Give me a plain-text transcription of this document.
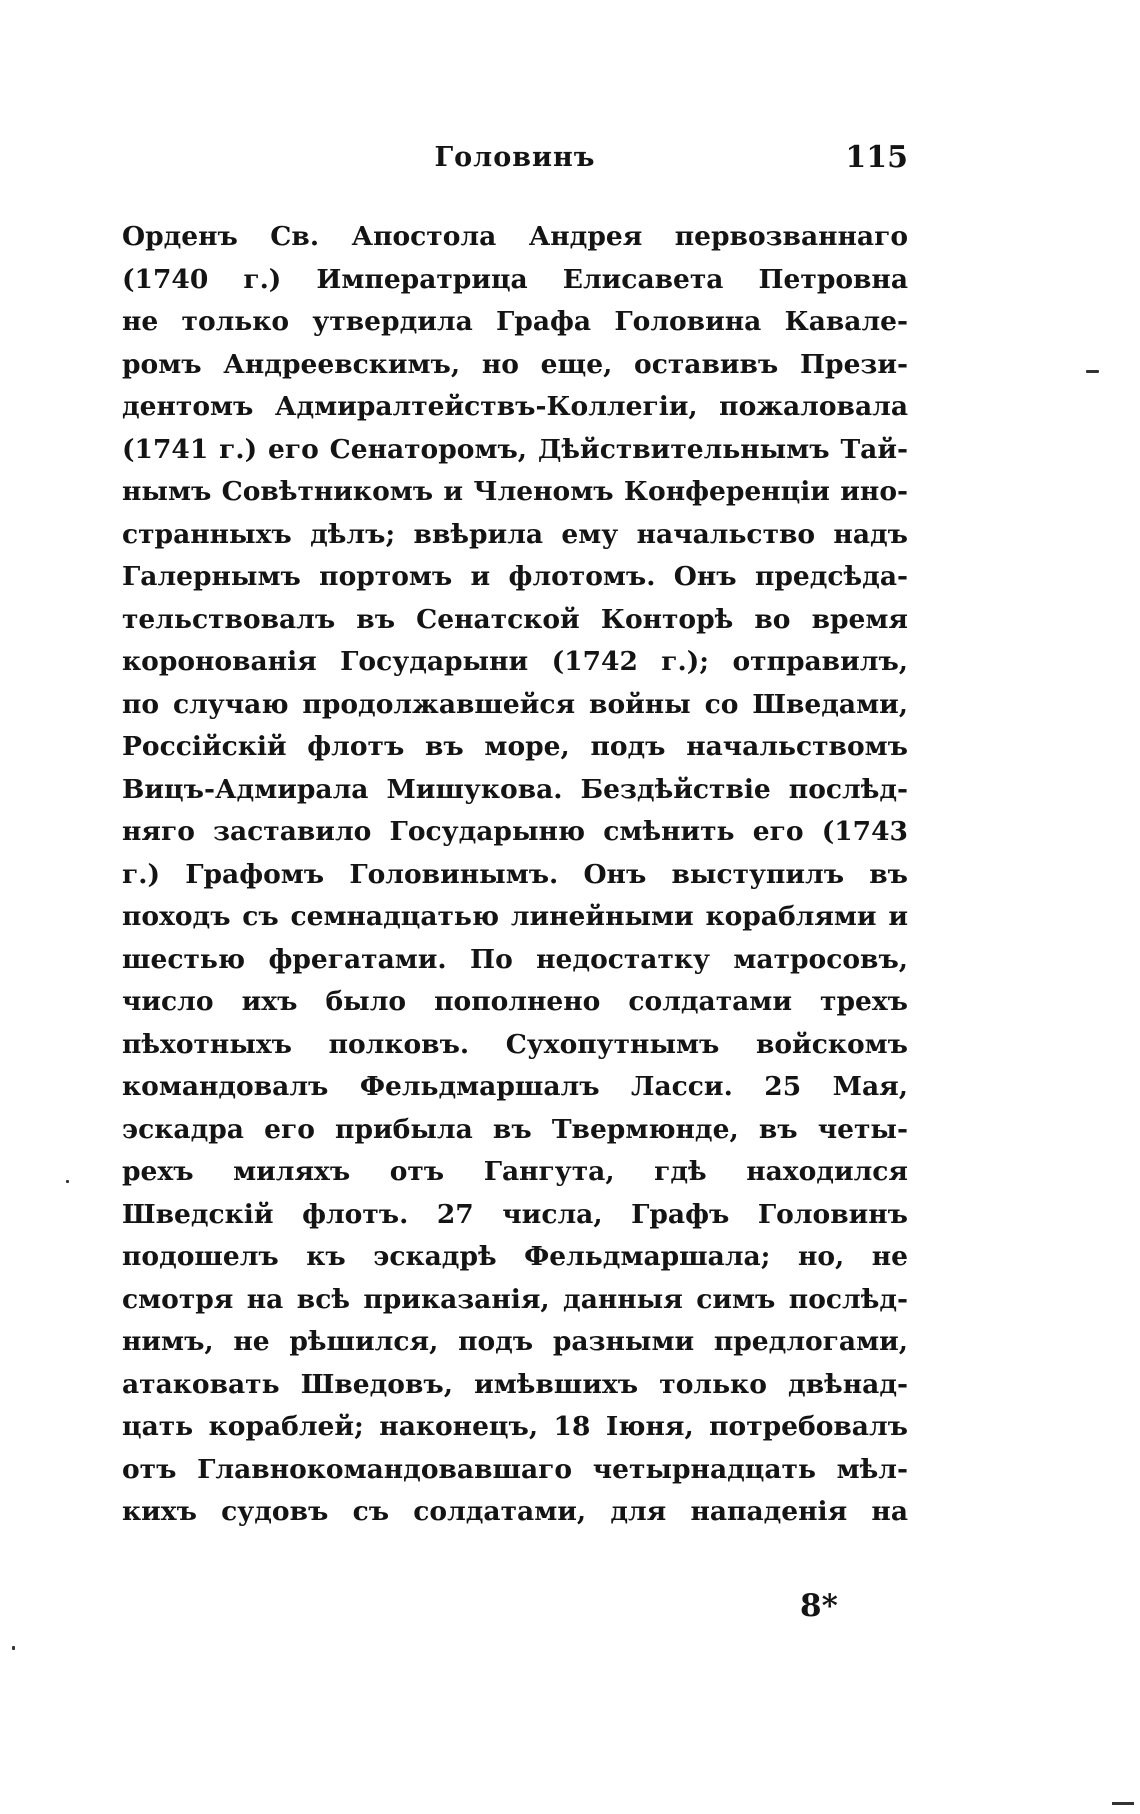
Головинъ	115
Орденъ Св. Апостола Андрея первозваннаго
(1740 г.) Императрица Елисавета Петровна
не только утвердила Графа Головина Кавале-
ромъ Андреевскимъ, но еще, оставивъ Прези-
дентомъ Адмиралтействъ-Коллегіи, пожаловала
(1741 г.) его Сенаторомъ, Дѣйствительнымъ Тай-
нымъ Совѣтникомъ и Членомъ Конференціи ино-
странныхъ дѣлъ; ввѣрила ему начальство надъ
Галернымъ портомъ и флотомъ. Онъ предсѣда-
тельствовалъ въ Сенатской Конторѣ во время
коронованія Государыни (1742 г.); отправилъ,
по случаю продолжавшейся войны со Шведами,
Россійскій флотъ въ море, подъ начальствомъ
Вицъ-Адмирала Мишукова. Бездѣйствіе послѣд-
няго заставило Государыню смѣнить его (1743
г.) Графомъ Головинымъ. Онъ выступилъ въ
походъ съ семнадцатью линейными кораблями и
шестью фрегатами. По недостатку матросовъ,
число ихъ было пополнено солдатами трехъ
пѣхотныхъ полковъ. Сухопутнымъ войскомъ
командовалъ Фельдмаршалъ Ласси. 25 Мая,
эскадра его прибыла въ Твермюнде, въ четы-
рехъ миляхъ отъ Гангута, гдѣ находился
Шведскій флотъ. 27 числа, Графъ Головинъ
подошелъ къ эскадрѣ Фельдмаршала; но, не
смотря на всѣ приказанія, данныя симъ послѣд-
нимъ, не рѣшился, подъ разными предлогами,
атаковать Шведовъ, имѣвшихъ только двѣнад-
цать кораблей; наконецъ, 18 Іюня, потребовалъ
отъ Главнокомандовавшаго четырнадцать мѣл-
кихъ судовъ съ солдатами, для нападенія на
8*
